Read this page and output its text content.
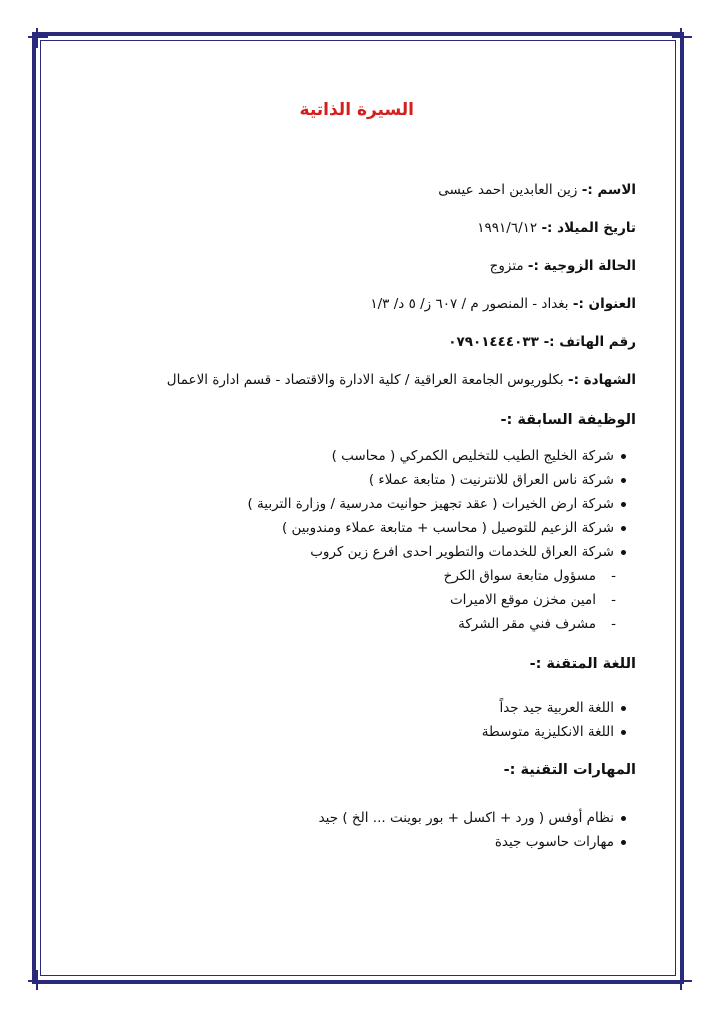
السيرة الذاتية
الاسم :- زين العابدين احمد عيسى
تاريخ الميلاد :- ١٩٩١/٦/١٢
الحالة الزوجية :- متزوج
العنوان :- بغداد - المنصور م / ٦٠٧ ز/ ٥ د/ ١/٣
رقم الهاتف :- ٠٧٩٠١٤٤٤٠٣٣
الشهادة :- بكلوريوس الجامعة العراقية / كلية الادارة والاقتصاد - قسم ادارة الاعمال
الوظيفة السابقة :-
شركة الخليج الطيب للتخليص الكمركي ( محاسب )
شركة ناس العراق للانترنيت ( متابعة عملاء )
شركة ارض الخيرات ( عقد تجهيز حوانيت مدرسية / وزارة التربية )
شركة الزعيم للتوصيل ( محاسب + متابعة عملاء ومندوبين )
شركة العراق للخدمات والتطوير احدى افرع زين كروب
-
مسؤول متابعة سواق الكرخ
-
امين مخزن موقع الاميرات
-
مشرف فني مقر الشركة
اللغة المتقنة :-
اللغة العربية جيد جداً
اللغة الانكليزية متوسطة
المهارات التقنية :-
نظام أوفس ( ورد + اكسل + بور بوينت ... الخ ) جيد
مهارات حاسوب جيدة
